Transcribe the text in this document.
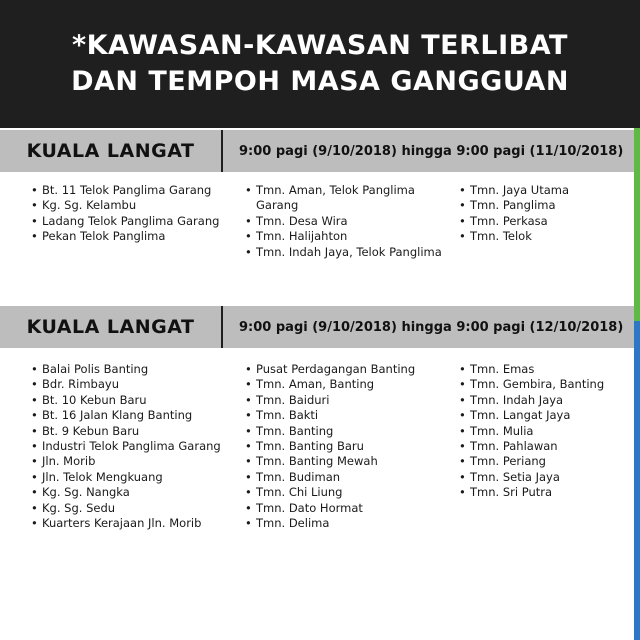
*KAWASAN-KAWASAN TERLIBAT
DAN TEMPOH MASA GANGGUAN
KUALA LANGAT	9:00 pagi (9/10/2018) hingga 9:00 pagi (11/10/2018)
• Bt. 11 Telok Panglima Garang
• Kg. Sg. Kelambu
• Ladang Telok Panglima Garang
• Pekan Telok Panglima
• Tmn. Aman, Telok Panglima Garang
• Tmn. Desa Wira
• Tmn. Halijahton
• Tmn. Indah Jaya, Telok Panglima
• Tmn. Jaya Utama
• Tmn. Panglima
• Tmn. Perkasa
• Tmn. Telok
KUALA LANGAT	9:00 pagi (9/10/2018) hingga 9:00 pagi (12/10/2018)
• Balai Polis Banting
• Bdr. Rimbayu
• Bt. 10 Kebun Baru
• Bt. 16 Jalan Klang Banting
• Bt. 9 Kebun Baru
• Industri Telok Panglima Garang
• Jln. Morib
• Jln. Telok Mengkuang
• Kg. Sg. Nangka
• Kg. Sg. Sedu
• Kuarters Kerajaan Jln. Morib
• Pusat Perdagangan Banting
• Tmn. Aman, Banting
• Tmn. Baiduri
• Tmn. Bakti
• Tmn. Banting
• Tmn. Banting Baru
• Tmn. Banting Mewah
• Tmn. Budiman
• Tmn. Chi Liung
• Tmn. Dato Hormat
• Tmn. Delima
• Tmn. Emas
• Tmn. Gembira, Banting
• Tmn. Indah Jaya
• Tmn. Langat Jaya
• Tmn. Mulia
• Tmn. Pahlawan
• Tmn. Periang
• Tmn. Setia Jaya
• Tmn. Sri Putra
